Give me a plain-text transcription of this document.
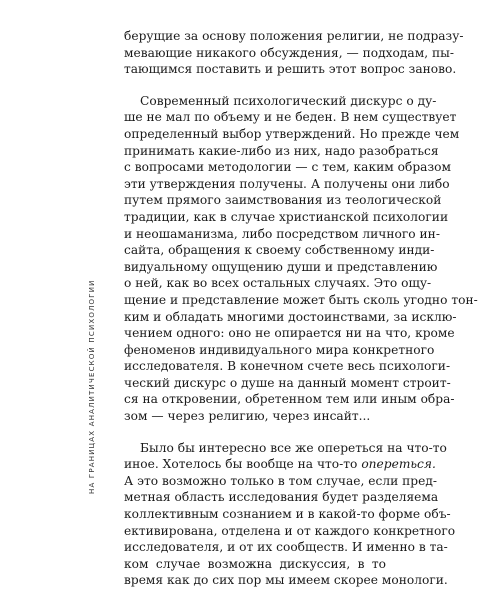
берущие за основу положения религии, не подразу-
мевающие никакого обсуждения, — подходам, пы-
тающимся поставить и решить этот вопрос заново.
Современный психологический дискурс о ду-
ше не мал по объему и не беден. В нем существует
определенный выбор утверждений. Но прежде чем
принимать какие-либо из них, надо разобраться
с вопросами методологии — с тем, каким образом
эти утверждения получены. А получены они либо
путем прямого заимствования из теологической
традиции, как в случае христианской психологии
и неошаманизма, либо посредством личного ин-
сайта, обращения к своему собственному инди-
видуальному ощущению души и представлению
о ней, как во всех остальных случаях. Это ощу-
щение и представление может быть сколь угодно тон-
ким и обладать многими достоинствами, за исклю-
чением одного: оно не опирается ни на что, кроме
феноменов индивидуального мира конкретного
исследователя. В конечном счете весь психологи-
ческий дискурс о душе на данный момент строит-
ся на откровении, обретенном тем или иным обра-
зом — через религию, через инсайт...
Было бы интересно все же опереться на что-то
иное. Хотелось бы вообще на что-то опереться.
А это возможно только в том случае, если пред-
метная область исследования будет разделяема
коллективным сознанием и в какой-то форме объ-
ективирована, отделена и от каждого конкретного
исследователя, и от их сообществ. И именно в та-
ком случае возможна дискуссия, в то
время как до сих пор мы имеем скорее монологи.
НА ГРАНИЦАХ АНАЛИТИЧЕСКОЙ ПСИХОЛОГИИ
